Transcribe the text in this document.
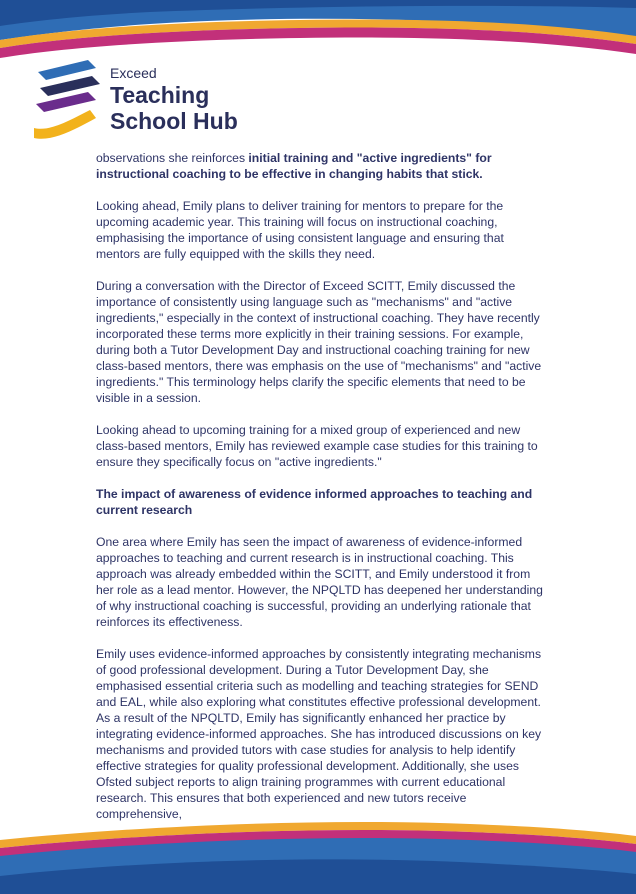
Exceed
Teaching
School Hub

observations she reinforces initial training and "active ingredients" for instructional coaching to be effective in changing habits that stick.

Looking ahead, Emily plans to deliver training for mentors to prepare for the upcoming academic year. This training will focus on instructional coaching, emphasising the importance of using consistent language and ensuring that mentors are fully equipped with the skills they need.

During a conversation with the Director of Exceed SCITT, Emily discussed the importance of consistently using language such as "mechanisms" and "active ingredients," especially in the context of instructional coaching. They have recently incorporated these terms more explicitly in their training sessions. For example, during both a Tutor Development Day and instructional coaching training for new class-based mentors, there was emphasis on the use of "mechanisms" and "active ingredients." This terminology helps clarify the specific elements that need to be visible in a session.

Looking ahead to upcoming training for a mixed group of experienced and new class-based mentors, Emily has reviewed example case studies for this training to ensure they specifically focus on "active ingredients."

The impact of awareness of evidence informed approaches to teaching and current research

One area where Emily has seen the impact of awareness of evidence-informed approaches to teaching and current research is in instructional coaching. This approach was already embedded within the SCITT, and Emily understood it from her role as a lead mentor. However, the NPQLTD has deepened her understanding of why instructional coaching is successful, providing an underlying rationale that reinforces its effectiveness.

Emily uses evidence-informed approaches by consistently integrating mechanisms of good professional development. During a Tutor Development Day, she emphasised essential criteria such as modelling and teaching strategies for SEND and EAL, while also exploring what constitutes effective professional development.

As a result of the NPQLTD, Emily has significantly enhanced her practice by integrating evidence-informed approaches. She has introduced discussions on key mechanisms and provided tutors with case studies for analysis to help identify effective strategies for quality professional development. Additionally, she uses Ofsted subject reports to align training programmes with current educational research. This ensures that both experienced and new tutors receive comprehensive,
